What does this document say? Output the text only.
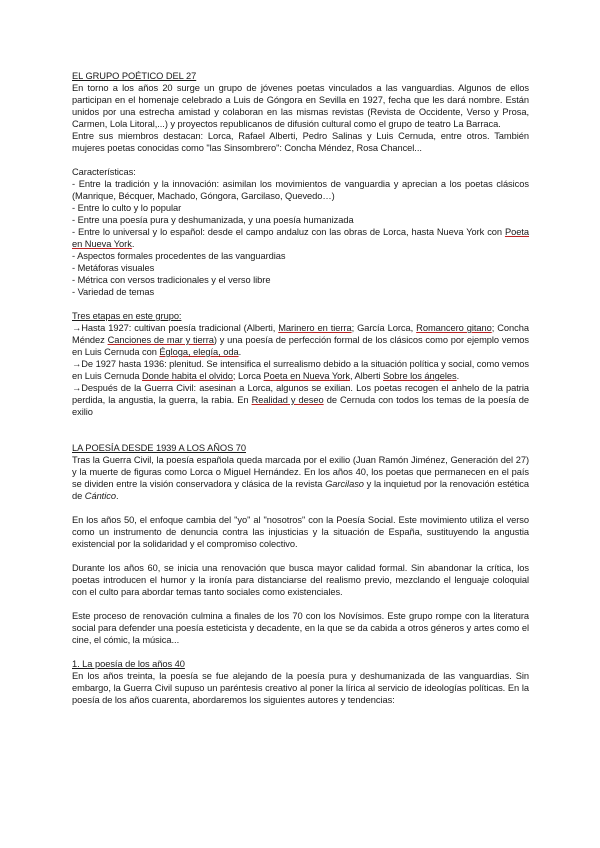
EL GRUPO POÉTICO DEL 27

En torno a los años 20 surge un grupo de jóvenes poetas vinculados a las vanguardias. Algunos de ellos participan en el homenaje celebrado a Luis de Góngora en Sevilla en 1927, fecha que les dará nombre. Están unidos por una estrecha amistad y colaboran en las mismas revistas (Revista de Occidente, Verso y Prosa, Carmen, Lola Litoral,...) y proyectos republicanos de difusión cultural como el grupo de teatro La Barraca.

Entre sus miembros destacan: Lorca, Rafael Alberti, Pedro Salinas y Luis Cernuda, entre otros. También mujeres poetas conocidas como "las Sinsombrero": Concha Méndez, Rosa Chancel...

Características:

- Entre la tradición y la innovación: asimilan los movimientos de vanguardia y aprecian a los poetas clásicos (Manrique, Bécquer, Machado, Góngora, Garcilaso, Quevedo…)

- Entre lo culto y lo popular

- Entre una poesía pura y deshumanizada, y una poesía humanizada

- Entre lo universal y lo español: desde el campo andaluz con las obras de Lorca, hasta Nueva York con Poeta en Nueva York.

- Aspectos formales procedentes de las vanguardias

- Metáforas visuales

- Métrica con versos tradicionales y el verso libre

- Variedad de temas

Tres etapas en este grupo:

→Hasta 1927: cultivan poesía tradicional (Alberti, Marinero en tierra; García Lorca, Romancero gitano; Concha Méndez Canciones de mar y tierra) y una poesía de perfección formal de los clásicos como por ejemplo vemos en Luis Cernuda con Égloga, elegía, oda.

→De 1927 hasta 1936: plenitud. Se intensifica el surrealismo debido a la situación política y social, como vemos en Luis Cernuda Donde habita el olvido; Lorca Poeta en Nueva York, Alberti Sobre los ángeles.

→Después de la Guerra Civil: asesinan a Lorca, algunos se exilian. Los poetas recogen el anhelo de la patria perdida, la angustia, la guerra, la rabia. En Realidad y deseo de Cernuda con todos los temas de la poesía de exilio

LA POESÍA DESDE 1939 A LOS AÑOS 70

Tras la Guerra Civil, la poesía española queda marcada por el exilio (Juan Ramón Jiménez, Generación del 27) y la muerte de figuras como Lorca o Miguel Hernández. En los años 40, los poetas que permanecen en el país se dividen entre la visión conservadora y clásica de la revista Garcilaso y la inquietud por la renovación estética de Cántico.

En los años 50, el enfoque cambia del "yo" al "nosotros" con la Poesía Social. Este movimiento utiliza el verso como un instrumento de denuncia contra las injusticias y la situación de España, sustituyendo la angustia existencial por la solidaridad y el compromiso colectivo.

Durante los años 60, se inicia una renovación que busca mayor calidad formal. Sin abandonar la crítica, los poetas introducen el humor y la ironía para distanciarse del realismo previo, mezclando el lenguaje coloquial con el culto para abordar temas tanto sociales como existenciales.

Este proceso de renovación culmina a finales de los 70 con los Novísimos. Este grupo rompe con la literatura social para defender una poesía esteticista y decadente, en la que se da cabida a otros géneros y artes como el cine, el cómic, la música...

1. La poesía de los años 40

En los años treinta, la poesía se fue alejando de la poesía pura y deshumanizada de las vanguardias. Sin embargo, la Guerra Civil supuso un paréntesis creativo al poner la lírica al servicio de ideologías políticas. En la poesía de los años cuarenta, abordaremos los siguientes autores y tendencias:
